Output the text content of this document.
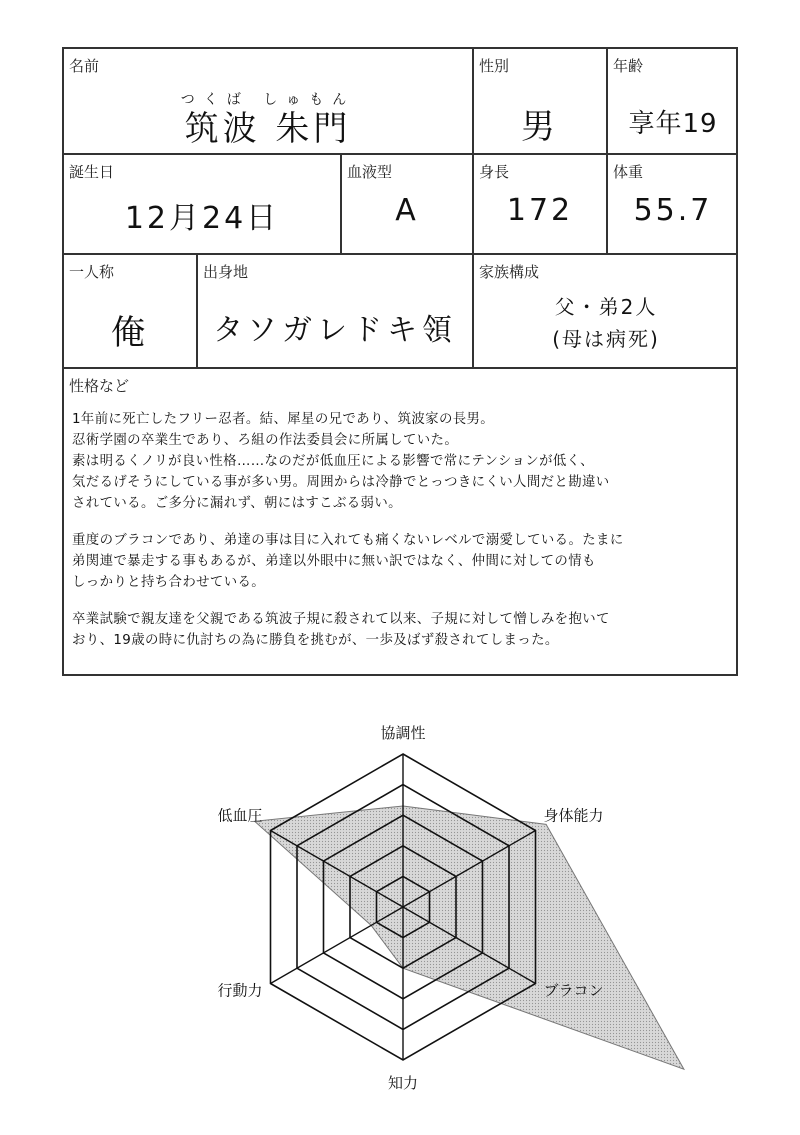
名前
つくば しゅもん
筑波 朱門
性別
男
年齢
享年19
誕生日
12月24日
血液型
A
身長
172
体重
55.7
一人称
俺
出身地
タソガレドキ領
家族構成
父・弟2人
(母は病死)
性格など

1年前に死亡したフリー忍者。結、犀星の兄であり、筑波家の長男。
忍術学園の卒業生であり、ろ組の作法委員会に所属していた。
素は明るくノリが良い性格……なのだが低血圧による影響で常にテンションが低く、
気だるげそうにしている事が多い男。周囲からは冷静でとっつきにくい人間だと勘違い
されている。ご多分に漏れず、朝にはすこぶる弱い。

重度のブラコンであり、弟達の事は目に入れても痛くないレベルで溺愛している。たまに
弟関連で暴走する事もあるが、弟達以外眼中に無い訳ではなく、仲間に対しての情も
しっかりと持ち合わせている。

卒業試験で親友達を父親である筑波子規に殺されて以来、子規に対して憎しみを抱いて
おり、19歳の時に仇討ちの為に勝負を挑むが、一歩及ばず殺されてしまった。

協調性
身体能力
ブラコン
知力
行動力
低血圧
